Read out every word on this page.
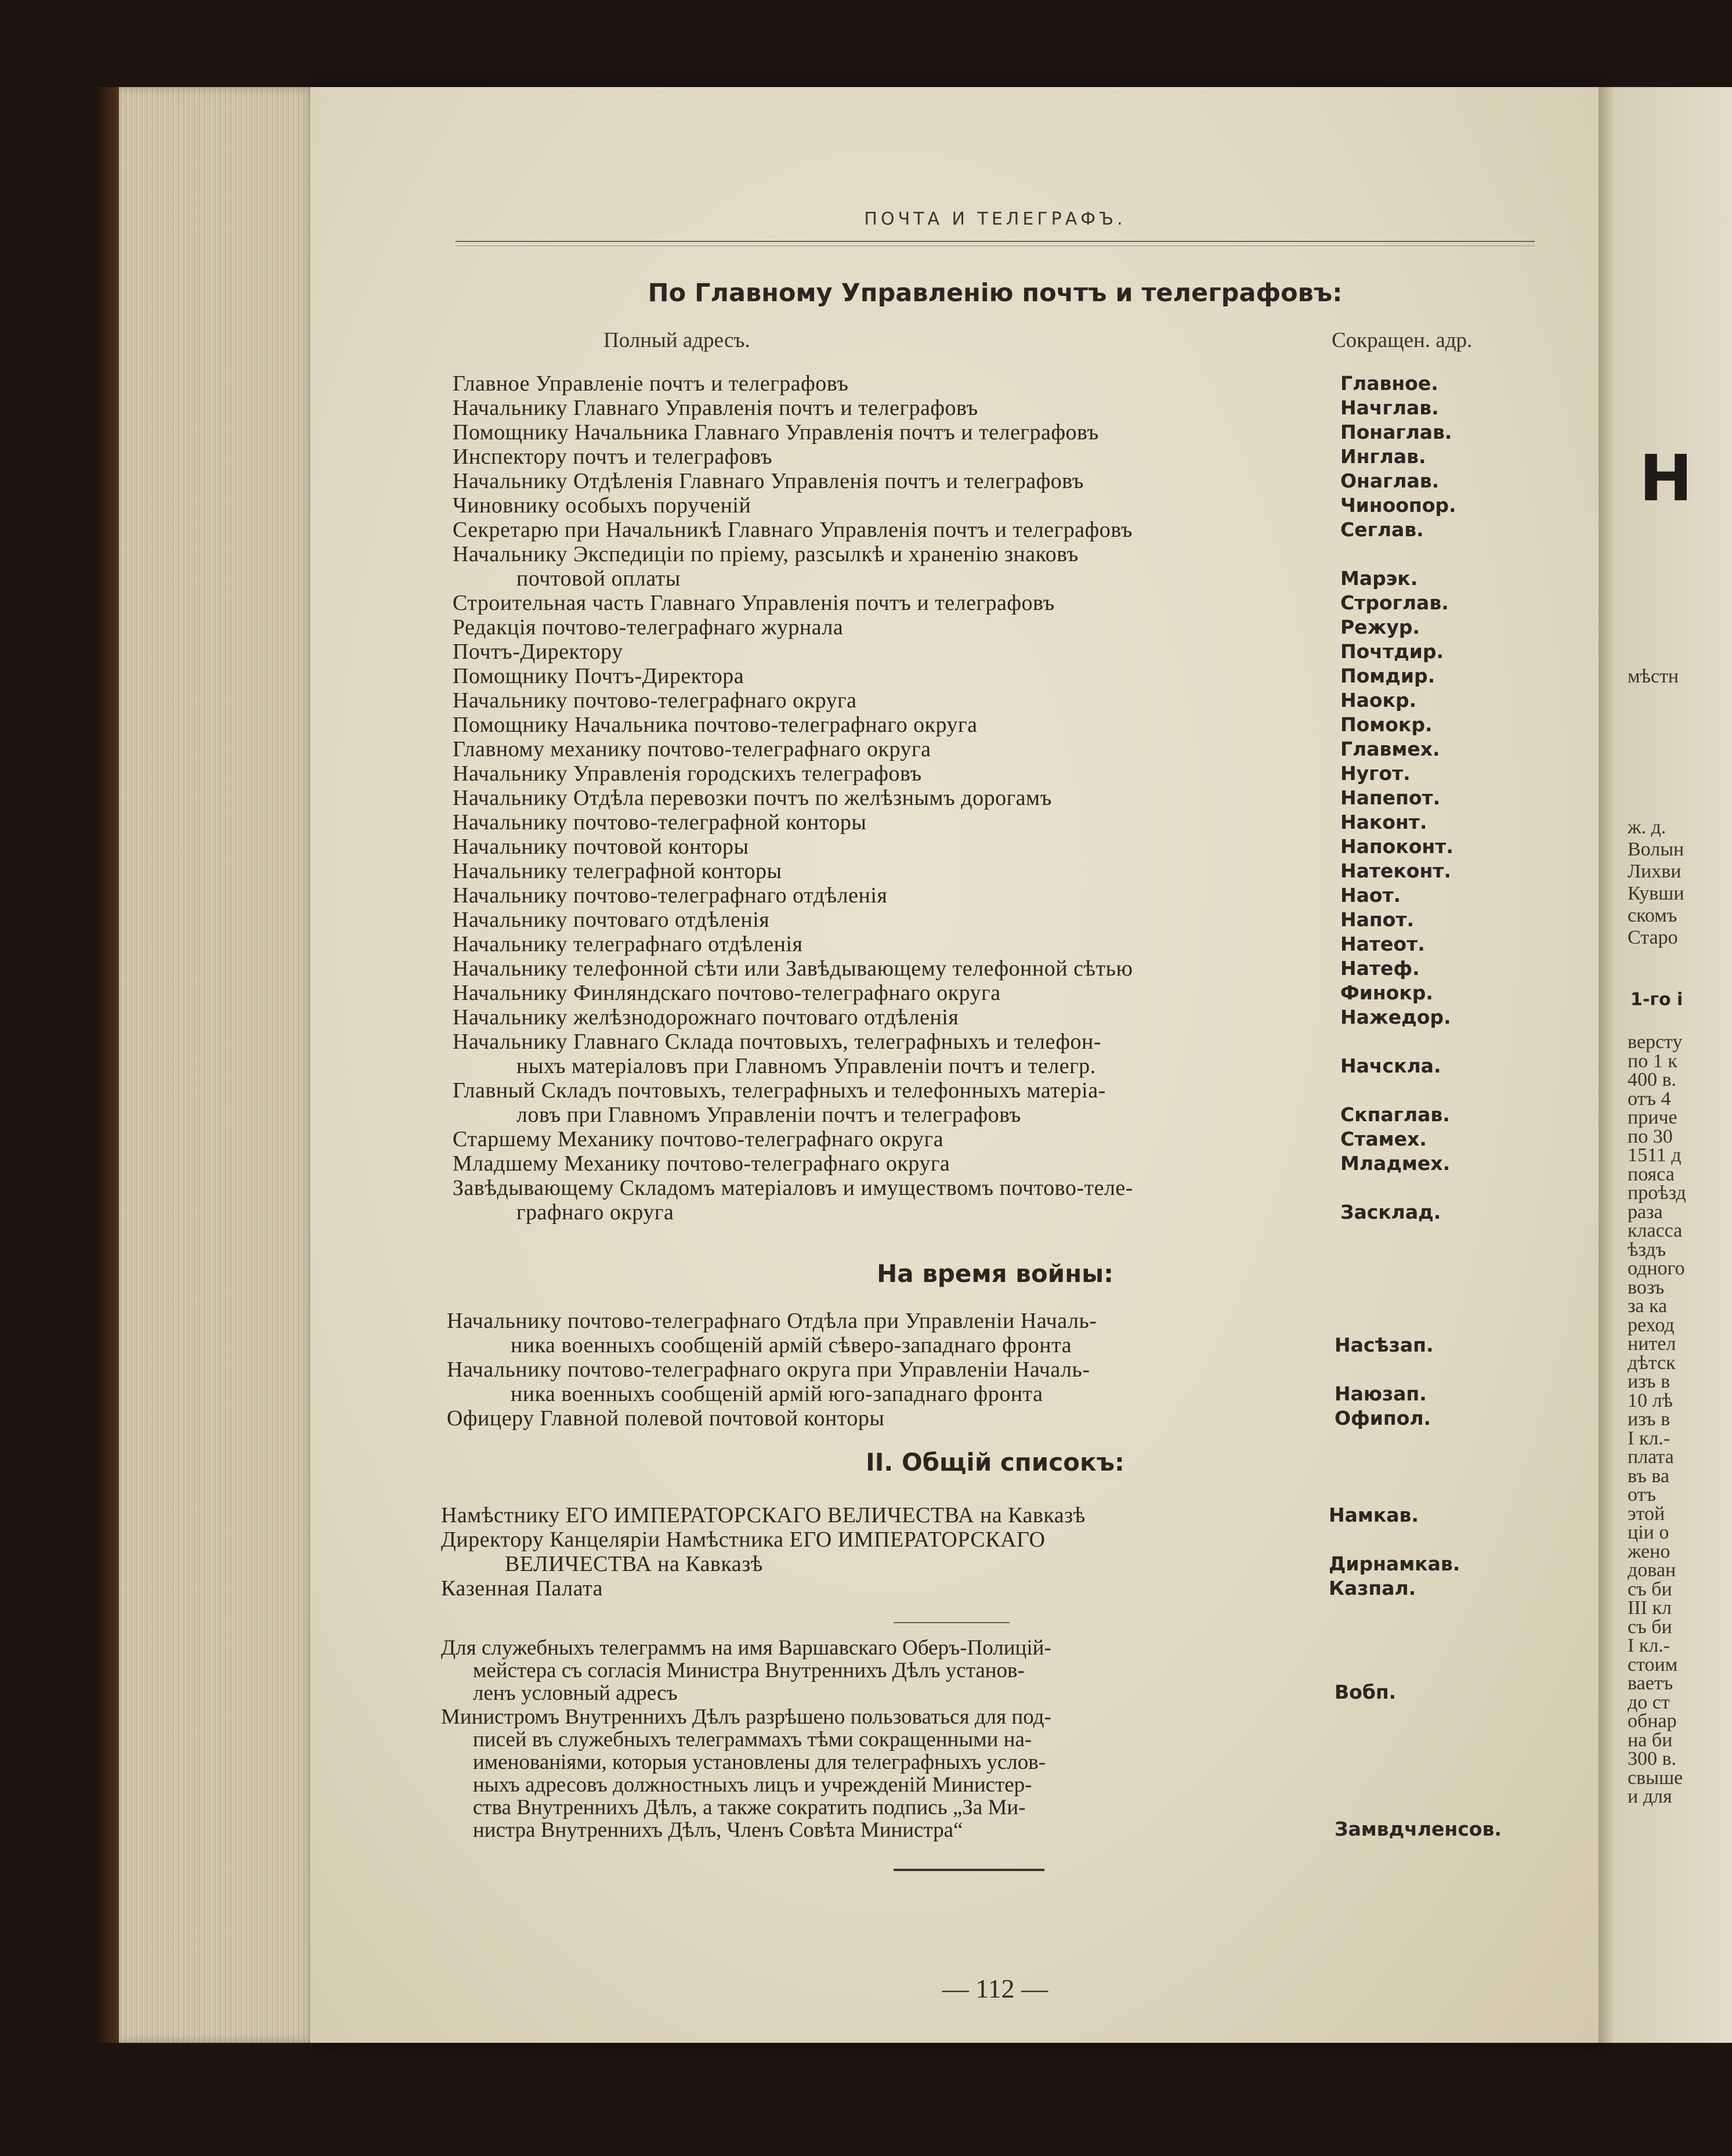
ПОЧТА И ТЕЛЕГРАФЪ.
По Главному Управленію почтъ и телеграфовъ:
Полный адресъ.	Сокращен. адр.
Главное Управленіе почтъ и телеграфовъ	Главное.
Начальнику Главнаго Управленія почтъ и телеграфовъ	Начглав.
Помощнику Начальника Главнаго Управленія почтъ и телеграфовъ	Понаглав.
Инспектору почтъ и телеграфовъ	Инглав.
Начальнику Отдѣленія Главнаго Управленія почтъ и телеграфовъ	Онаглав.
Чиновнику особыхъ порученій	Чиноопор.
Секретарю при Начальникѣ Главнаго Управленія почтъ и телеграфовъ	Сеглав.
Начальнику Экспедиціи по пріему, разсылкѣ и храненію знаковъ
почтовой оплаты	Марэк.
Строительная часть Главнаго Управленія почтъ и телеграфовъ	Строглав.
Редакція почтово-телеграфнаго журнала	Режур.
Почтъ-Директору	Почтдир.
Помощнику Почтъ-Директора	Помдир.
Начальнику почтово-телеграфнаго округа	Наокр.
Помощнику Начальника почтово-телеграфнаго округа	Помокр.
Главному механику почтово-телеграфнаго округа	Главмех.
Начальнику Управленія городскихъ телеграфовъ	Нугот.
Начальнику Отдѣла перевозки почтъ по желѣзнымъ дорогамъ	Напепот.
Начальнику почтово-телеграфной конторы	Наконт.
Начальнику почтовой конторы	Напоконт.
Начальнику телеграфной конторы	Натеконт.
Начальнику почтово-телеграфнаго отдѣленія	Наот.
Начальнику почтоваго отдѣленія	Напот.
Начальнику телеграфнаго отдѣленія	Натеот.
Начальнику телефонной сѣти или Завѣдывающему телефонной сѣтью	Натеф.
Начальнику Финляндскаго почтово-телеграфнаго округа	Финокр.
Начальнику желѣзнодорожнаго почтоваго отдѣленія	Нажедор.
Начальнику Главнаго Склада почтовыхъ, телеграфныхъ и телефон-
ныхъ матеріаловъ при Главномъ Управленіи почтъ и телегр.	Начскла.
Главный Складъ почтовыхъ, телеграфныхъ и телефонныхъ матеріа-
ловъ при Главномъ Управленіи почтъ и телеграфовъ	Скпаглав.
Старшему Механику почтово-телеграфнаго округа	Стамех.
Младшему Механику почтово-телеграфнаго округа	Младмех.
Завѣдывающему Складомъ матеріаловъ и имуществомъ почтово-теле-
графнаго округа	Засклад.
На время войны:
Начальнику почтово-телеграфнаго Отдѣла при Управленіи Началь-
ника военныхъ сообщеній армій сѣверо-западнаго фронта	Насѣзап.
Начальнику почтово-телеграфнаго округа при Управленіи Началь-
ника военныхъ сообщеній армій юго-западнаго фронта	Наюзап.
Офицеру Главной полевой почтовой конторы	Офипол.
II. Общій списокъ:
Намѣстнику ЕГО ИМПЕРАТОРСКАГО ВЕЛИЧЕСТВА на Кавказѣ	Намкав.
Директору Канцеляріи Намѣстника ЕГО ИМПЕРАТОРСКАГО
ВЕЛИЧЕСТВА на Кавказѣ	Дирнамкав.
Казенная Палата	Казпал.
Для служебныхъ телеграммъ на имя Варшавскаго Оберъ-Полицій-
мейстера съ согласія Министра Внутреннихъ Дѣлъ установ-
ленъ условный адресъ	Вобп.
Министромъ Внутреннихъ Дѣлъ разрѣшено пользоваться для под-
писей въ служебныхъ телеграммахъ тѣми сокращенными на-
именованіями, которыя установлены для телеграфныхъ услов-
ныхъ адресовъ должностныхъ лицъ и учрежденій Министер-
ства Внутреннихъ Дѣлъ, а также сократить подпись „За Ми-
нистра Внутреннихъ Дѣлъ, Членъ Совѣта Министра“	Замвдчленсов.
— 112 —
Н
мѣстн
1-го і
ж. д.
Волын
Лихви
Кувши
скомъ
Старо
версту
по 1 к
400 в.
отъ 4
приче
по 30
1511 д
пояса
проѣзд
раза
класса
ѣздъ
одного
возъ
за ка
реход
нител
дѣтск
изъ в
10 лѣ
изъ в
I кл.-
плата
въ ва
отъ
этой
ціи о
жено
дован
съ би
III кл
съ би
I кл.-
стоим
ваетъ
до ст
обнар
на би
300 в.
свыше
и для
